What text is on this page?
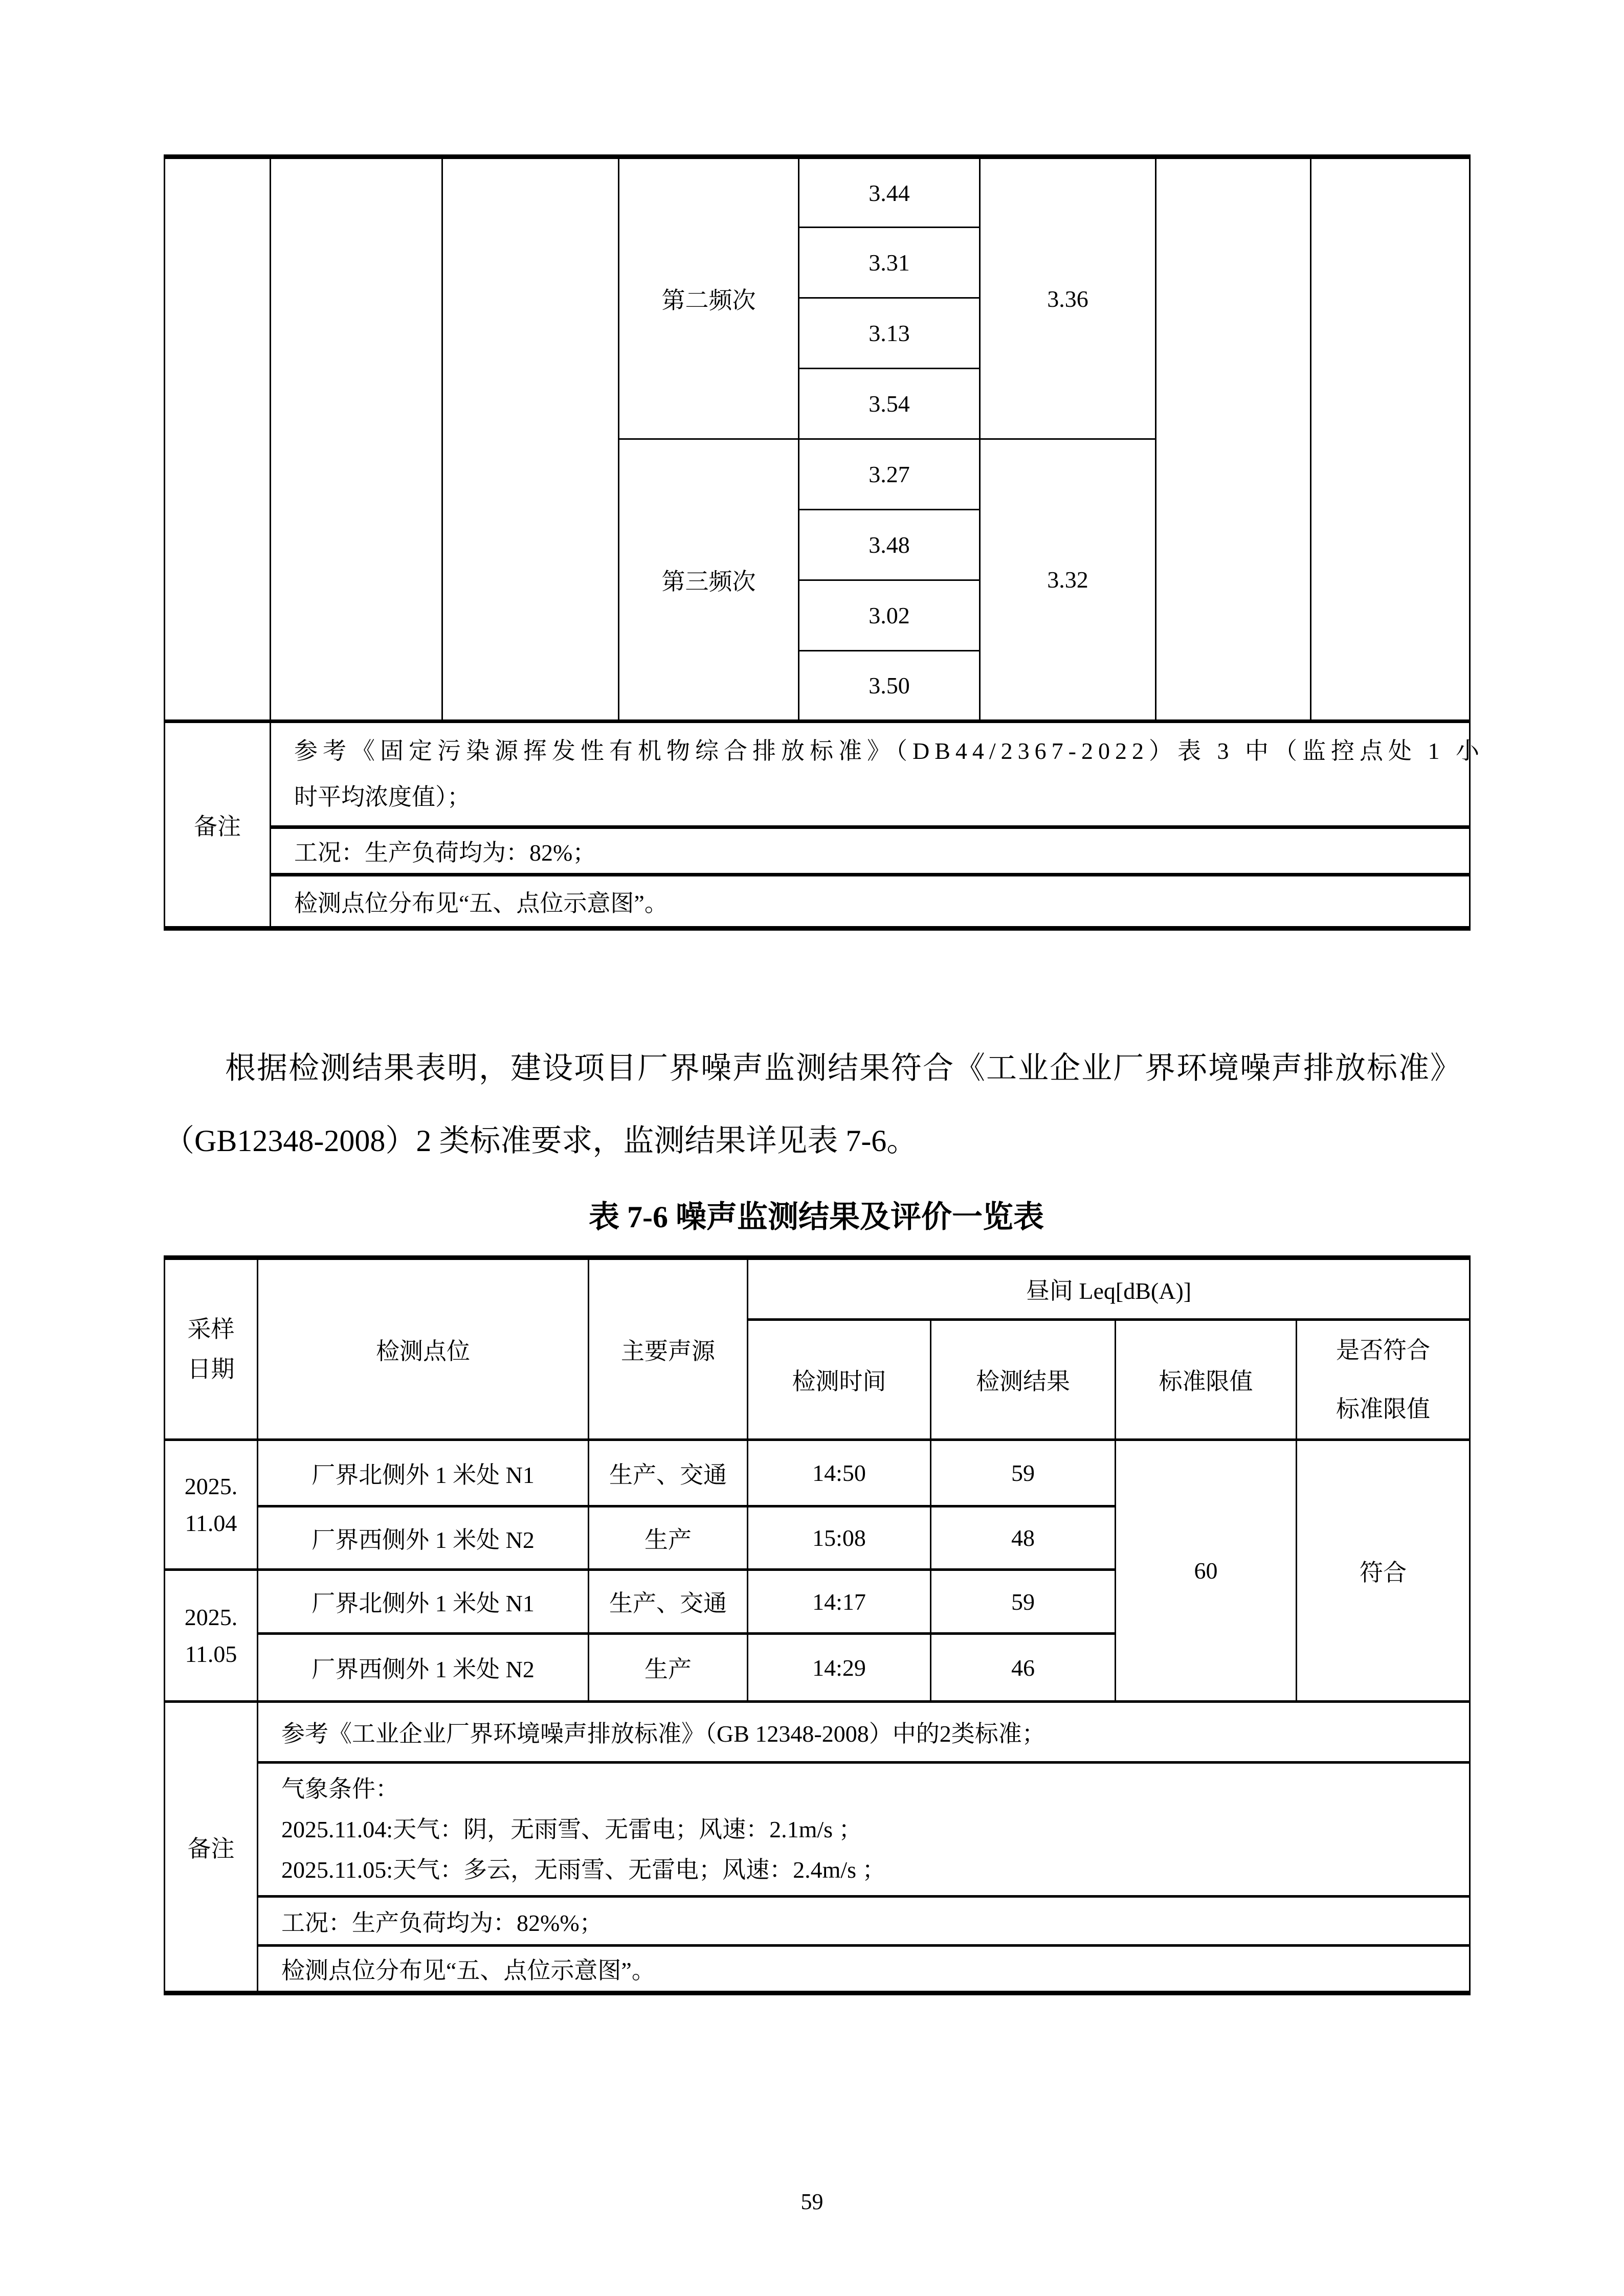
			第二频次	3.44	3.36		
				3.31			
				3.13			
				3.54			
			第三频次	3.27	3.32		
				3.48			
				3.02			
				3.50			
备注	参考《固定污染源挥发性有机物综合排放标准》（DB44/2367-2022）表 3 中（监控点处 1 小
时平均浓度值）；						

	工况：生产负荷均为：82%；						
	检测点位分布见“五、点位示意图”。						
根据检测结果表明，建设项目厂界噪声监测结果符合《工业企业厂界环境噪声排放标准》
（GB12348-2008）2 类标准要求，监测结果详见表 7-6。
表 7-6 噪声监测结果及评价一览表
采样
日期	检测点位	主要声源	昼间 Leq[dB(A)]			
			检测时间	检测结果	标准限值	是否符合
标准限值

2025.
11.04	厂界北侧外 1 米处 N1	生产、交通	14:50	59	60	符合
	厂界西侧外 1 米处 N2	生产	15:08	48		

2025.
11.05	厂界北侧外 1 米处 N1	生产、交通	14:17	59		
	厂界西侧外 1 米处 N2	生产	14:29	46		
备注	参考《工业企业厂界环境噪声排放标准》（GB 12348-2008）中的2类标准；					

	气象条件：
2025.11.04:天气：阴，无雨雪、无雷电；风速：2.1m/s ；
2025.11.05:天气：多云，无雨雪、无雷电；风速：2.4m/s ；					

	工况：生产负荷均为：82%%；					
	检测点位分布见“五、点位示意图”。					
59
